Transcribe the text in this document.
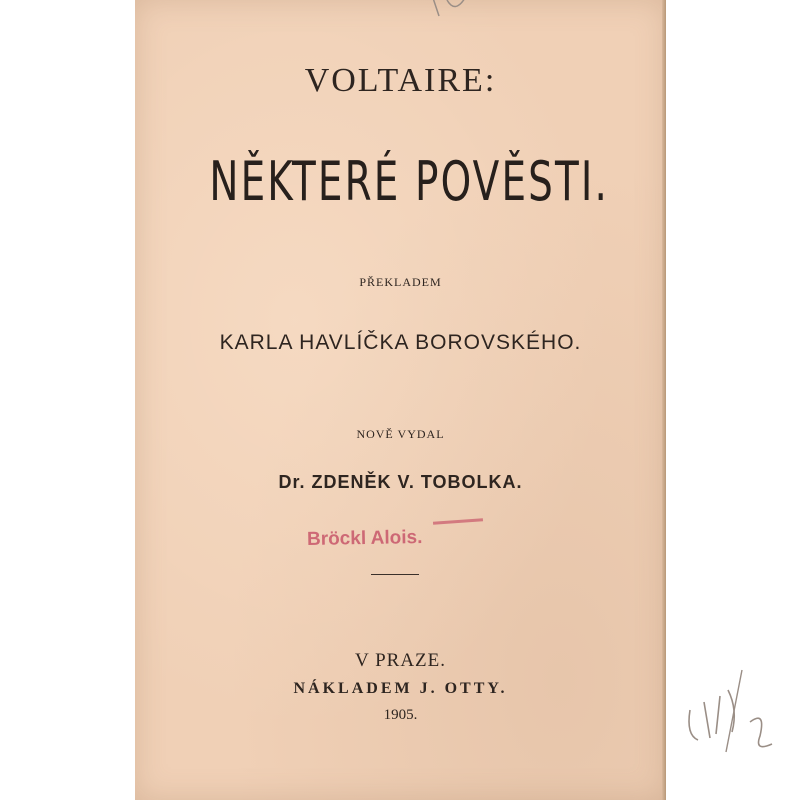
VOLTAIRE:
NĚKTERÉ POVĚSTI.
PŘEKLADEM
KARLA HAVLÍČKA BOROVSKÉHO.
NOVĚ VYDAL
Dr. ZDENĚK V. TOBOLKA.
Bröckl Alois.
V PRAZE.
NÁKLADEM J. OTTY.
1905.
